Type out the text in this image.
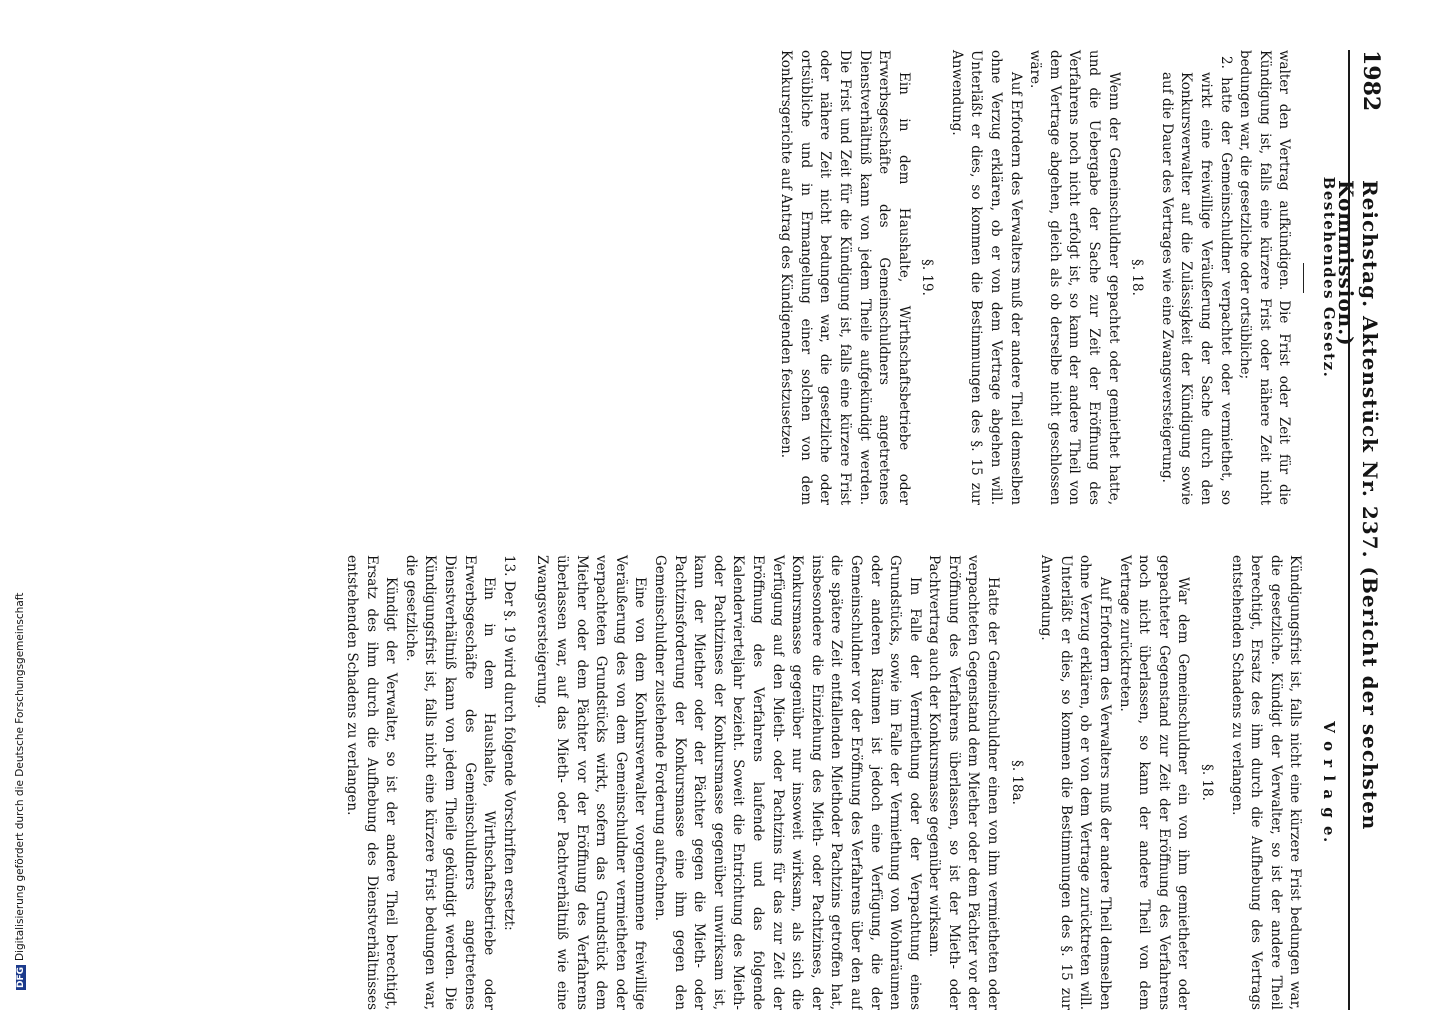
DFGDigitalisierung gefördert durch die Deutsche Forschungsgemeinschaft
1982
Reichstag. Aktenstück Nr. 237. (Bericht der sechsten Kommission.)

Bestehendes Gesetz.

walter den Vertrag aufkündigen. Die Frist oder Zeit für die Kündigung ist, falls eine kürzere Frist oder nähere Zeit nicht bedungen war, die gesetzliche oder ortsübliche;

2. hatte der Gemeinschuldner verpachtet oder vermiethet, so wirkt eine freiwillige Veräußerung der Sache durch den Konkursverwalter auf die Zulässigkeit der Kündigung sowie auf die Dauer des Vertrages wie eine Zwangsversteigerung.

§. 18.

Wenn der Gemeinschuldner gepachtet oder gemiethet hatte, und die Uebergabe der Sache zur Zeit der Eröffnung des Verfahrens noch nicht erfolgt ist, so kann der andere Theil von dem Vertrage abgehen, gleich als ob derselbe nicht geschlossen wäre.

Auf Erfordern des Verwalters muß der andere Theil demselben ohne Verzug erklären, ob er von dem Vertrage abgehen will. Unterläßt er dies, so kommen die Bestimmungen des §. 15 zur Anwendung.

§. 19.

Ein in dem Haushalte, Wirthschaftsbetriebe oder Erwerbsgeschäfte des Gemeinschuldners angetretenes Dienstverhältniß kann von jedem Theile aufgekündigt werden. Die Frist und Zeit für die Kündigung ist, falls eine kürzere Frist oder nähere Zeit nicht bedungen war, die gesetzliche oder ortsübliche und in Ermangelung einer solchen von dem Konkursgerichte auf Antrag des Kündigenden festzusetzen.

V o r l a g e.

Kündigungsfrist ist, falls nicht eine kürzere Frist bedungen war, die gesetzliche. Kündigt der Verwalter, so ist der andere Theil berechtigt, Ersatz des ihm durch die Aufhebung des Vertrags entstehenden Schadens zu verlangen.

§. 18.

War dem Gemeinschuldner ein von ihm gemietheter oder gepachteter Gegenstand zur Zeit der Eröffnung des Verfahrens noch nicht überlassen, so kann der andere Theil von dem Vertrage zurücktreten.

Auf Erfordern des Verwalters muß der andere Theil demselben ohne Verzug erklären, ob er von dem Vertrage zurücktreten will. Unterläßt er dies, so kommen die Bestimmungen des §. 15 zur Anwendung.

§. 18a.

Hatte der Gemeinschuldner einen von ihm vermietheten oder verpachteten Gegenstand dem Miether oder dem Pächter vor der Eröffnung des Verfahrens überlassen, so ist der Mieth- oder Pachtvertrag auch der Konkursmasse gegenüber wirksam.

Im Falle der Vermiethung oder der Verpachtung eines Grundstücks, sowie im Falle der Vermiethung von Wohnräumen oder anderen Räumen ist jedoch eine Verfügung, die der Gemeinschuldner vor der Eröffnung des Verfahrens über den auf die spätere Zeit entfallenden Miethoder Pachtzins getroffen hat, insbesondere die Einziehung des Mieth- oder Pachtzinses, der Konkursmasse gegenüber nur insoweit wirksam, als sich die Verfügung auf den Mieth- oder Pachtzins für das zur Zeit der Eröffnung des Verfahrens laufende und das folgende Kalendervierteljahr bezieht. Soweit die Entrichtung des Mieth- oder Pachtzinses der Konkursmasse gegenüber unwirksam ist, kann der Miether oder der Pächter gegen die Mieth- oder Pachtzinsforderung der Konkursmasse eine ihm gegen den Gemeinschuldner zustehende Forderung aufrechnen.

Eine von dem Konkursverwalter vorgenommene freiwillige Veräußerung des von dem Gemeinschuldner vermietheten oder verpachteten Grundstücks wirkt, sofern das Grundstück dem Miether oder dem Pächter vor der Eröffnung des Verfahrens überlassen war, auf das Mieth- oder Pachtverhältniß wie eine Zwangsversteigerung.

13. Der §. 19 wird durch folgende Vorschriften ersetzt:

Ein in dem Haushalte, Wirthschaftsbetriebe oder Erwerbsgeschäfte des Gemeinschuldners angetretenes Dienstverhältniß kann von jedem Theile gekündigt werden. Die Kündigungsfrist ist, falls nicht eine kürzere Frist bedungen war, die gesetzliche.

Kündigt der Verwalter, so ist der andere Theil berechtigt, Ersatz des ihm durch die Aufhebung des Dienstverhältnisses entstehenden Schadens zu verlangen.
